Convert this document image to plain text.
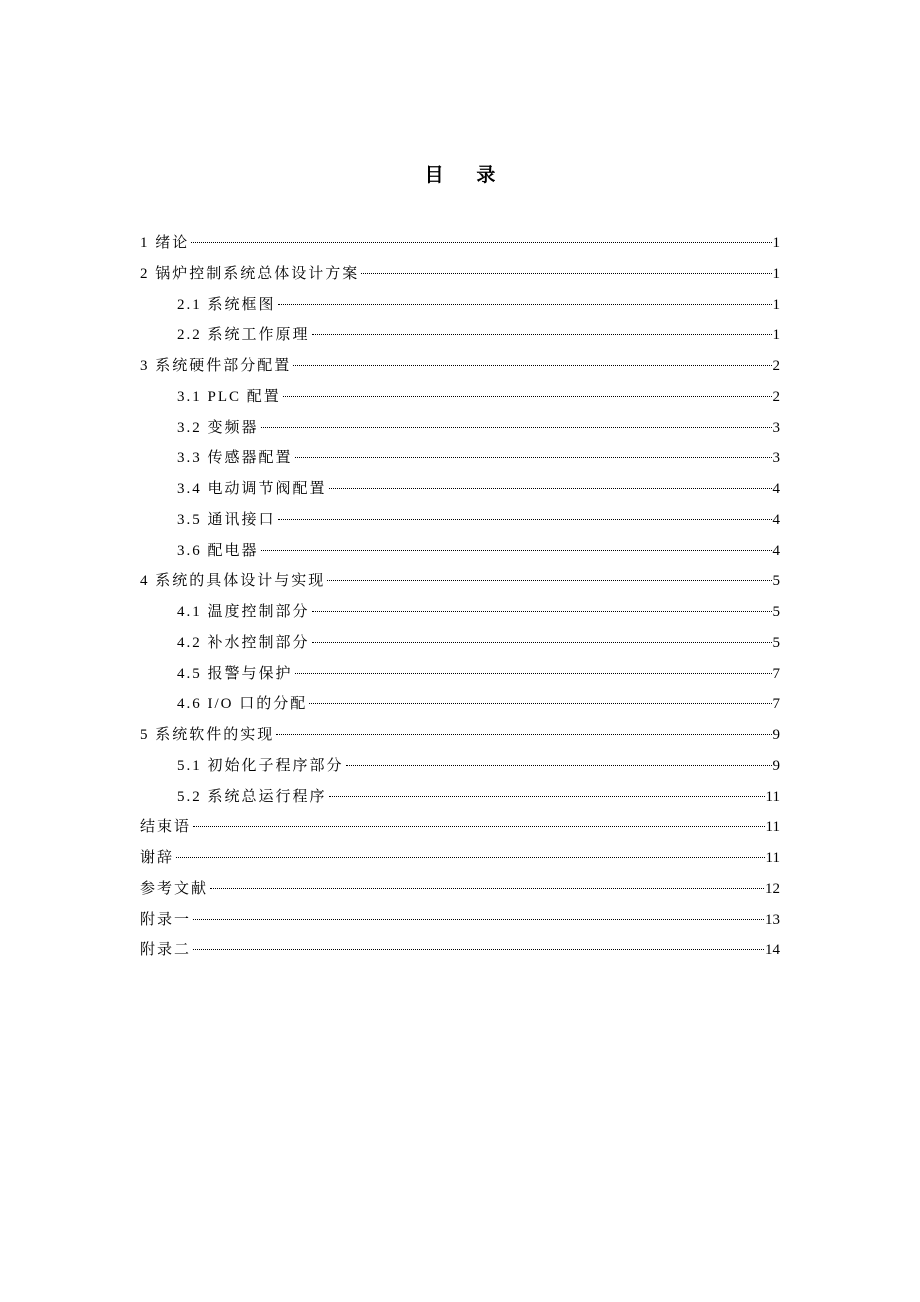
目 录
1 绪论	1
2 锅炉控制系统总体设计方案	1
2.1 系统框图	1
2.2 系统工作原理	1
3 系统硬件部分配置	2
3.1 PLC 配置	2
3.2 变频器	3
3.3 传感器配置	3
3.4 电动调节阀配置	4
3.5 通讯接口	4
3.6 配电器	4
4 系统的具体设计与实现	5
4.1 温度控制部分	5
4.2 补水控制部分	5
4.5 报警与保护	7
4.6 I/O 口的分配	7
5 系统软件的实现	9
5.1 初始化子程序部分	9
5.2 系统总运行程序	11
结束语	11
谢辞	11
参考文献	12
附录一	13
附录二	14
